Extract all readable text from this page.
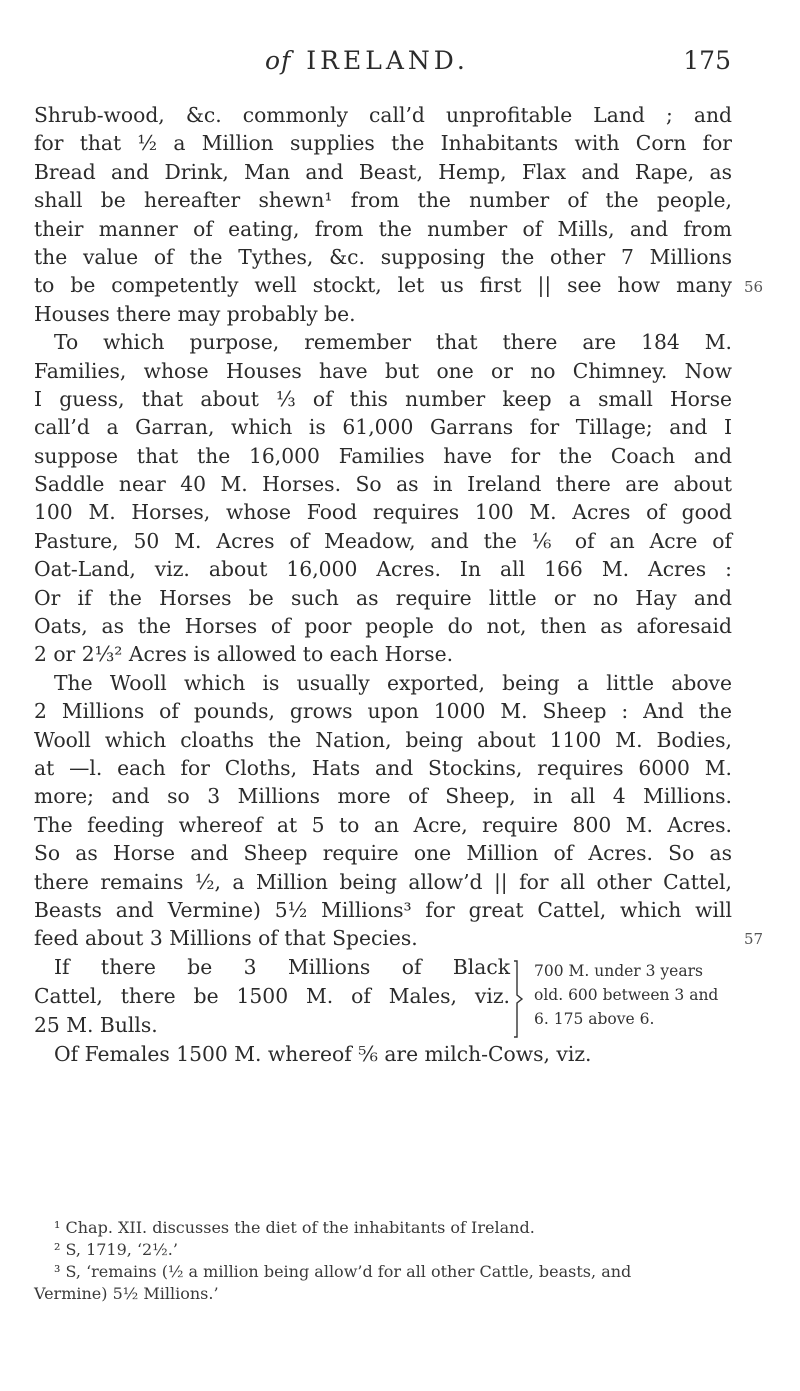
of IRELAND.	175
56
57
Shrub-wood, &c. commonly call’d unprofitable Land ; and
for that ½ a Million supplies the Inhabitants with Corn for
Bread and Drink, Man and Beast, Hemp, Flax and Rape, as
shall be hereafter shewn¹ from the number of the people,
their manner of eating, from the number of Mills, and from
the value of the Tythes, &c. supposing the other 7 Millions
to be competently well stockt, let us first || see how many
Houses there may probably be.
To which purpose, remember that there are 184 M.
Families, whose Houses have but one or no Chimney. Now
I guess, that about ⅓ of this number keep a small Horse
call’d a Garran, which is 61,000 Garrans for Tillage; and I
suppose that the 16,000 Families have for the Coach and
Saddle near 40 M. Horses. So as in Ireland there are about
100 M. Horses, whose Food requires 100 M. Acres of good
Pasture, 50 M. Acres of Meadow, and the ⅙ of an Acre of
Oat-Land, viz. about 16,000 Acres. In all 166 M. Acres :
Or if the Horses be such as require little or no Hay and
Oats, as the Horses of poor people do not, then as aforesaid
2 or 2⅓² Acres is allowed to each Horse.
The Wooll which is usually exported, being a little above
2 Millions of pounds, grows upon 1000 M. Sheep : And the
Wooll which cloaths the Nation, being about 1100 M. Bodies,
at —l. each for Cloths, Hats and Stockins, requires 6000 M.
more; and so 3 Millions more of Sheep, in all 4 Millions.
The feeding whereof at 5 to an Acre, require 800 M. Acres.
So as Horse and Sheep require one Million of Acres. So as
there remains ½, a Million being allow’d || for all other Cattel,
Beasts and Vermine) 5½ Millions³ for great Cattel, which will
feed about 3 Millions of that Species.
If there be 3 Millions of Black
Cattel, there be 1500 M. of Males, viz.
25 M. Bulls.
700 M. under 3 years
old. 600 between 3 and
6. 175 above 6.
Of Females 1500 M. whereof ⅚ are milch-Cows, viz.
¹ Chap. XII. discusses the diet of the inhabitants of Ireland.
² S, 1719, ‘2½.’
³ S, ‘remains (½ a million being allow’d for all other Cattle, beasts, and
Vermine) 5½ Millions.’
